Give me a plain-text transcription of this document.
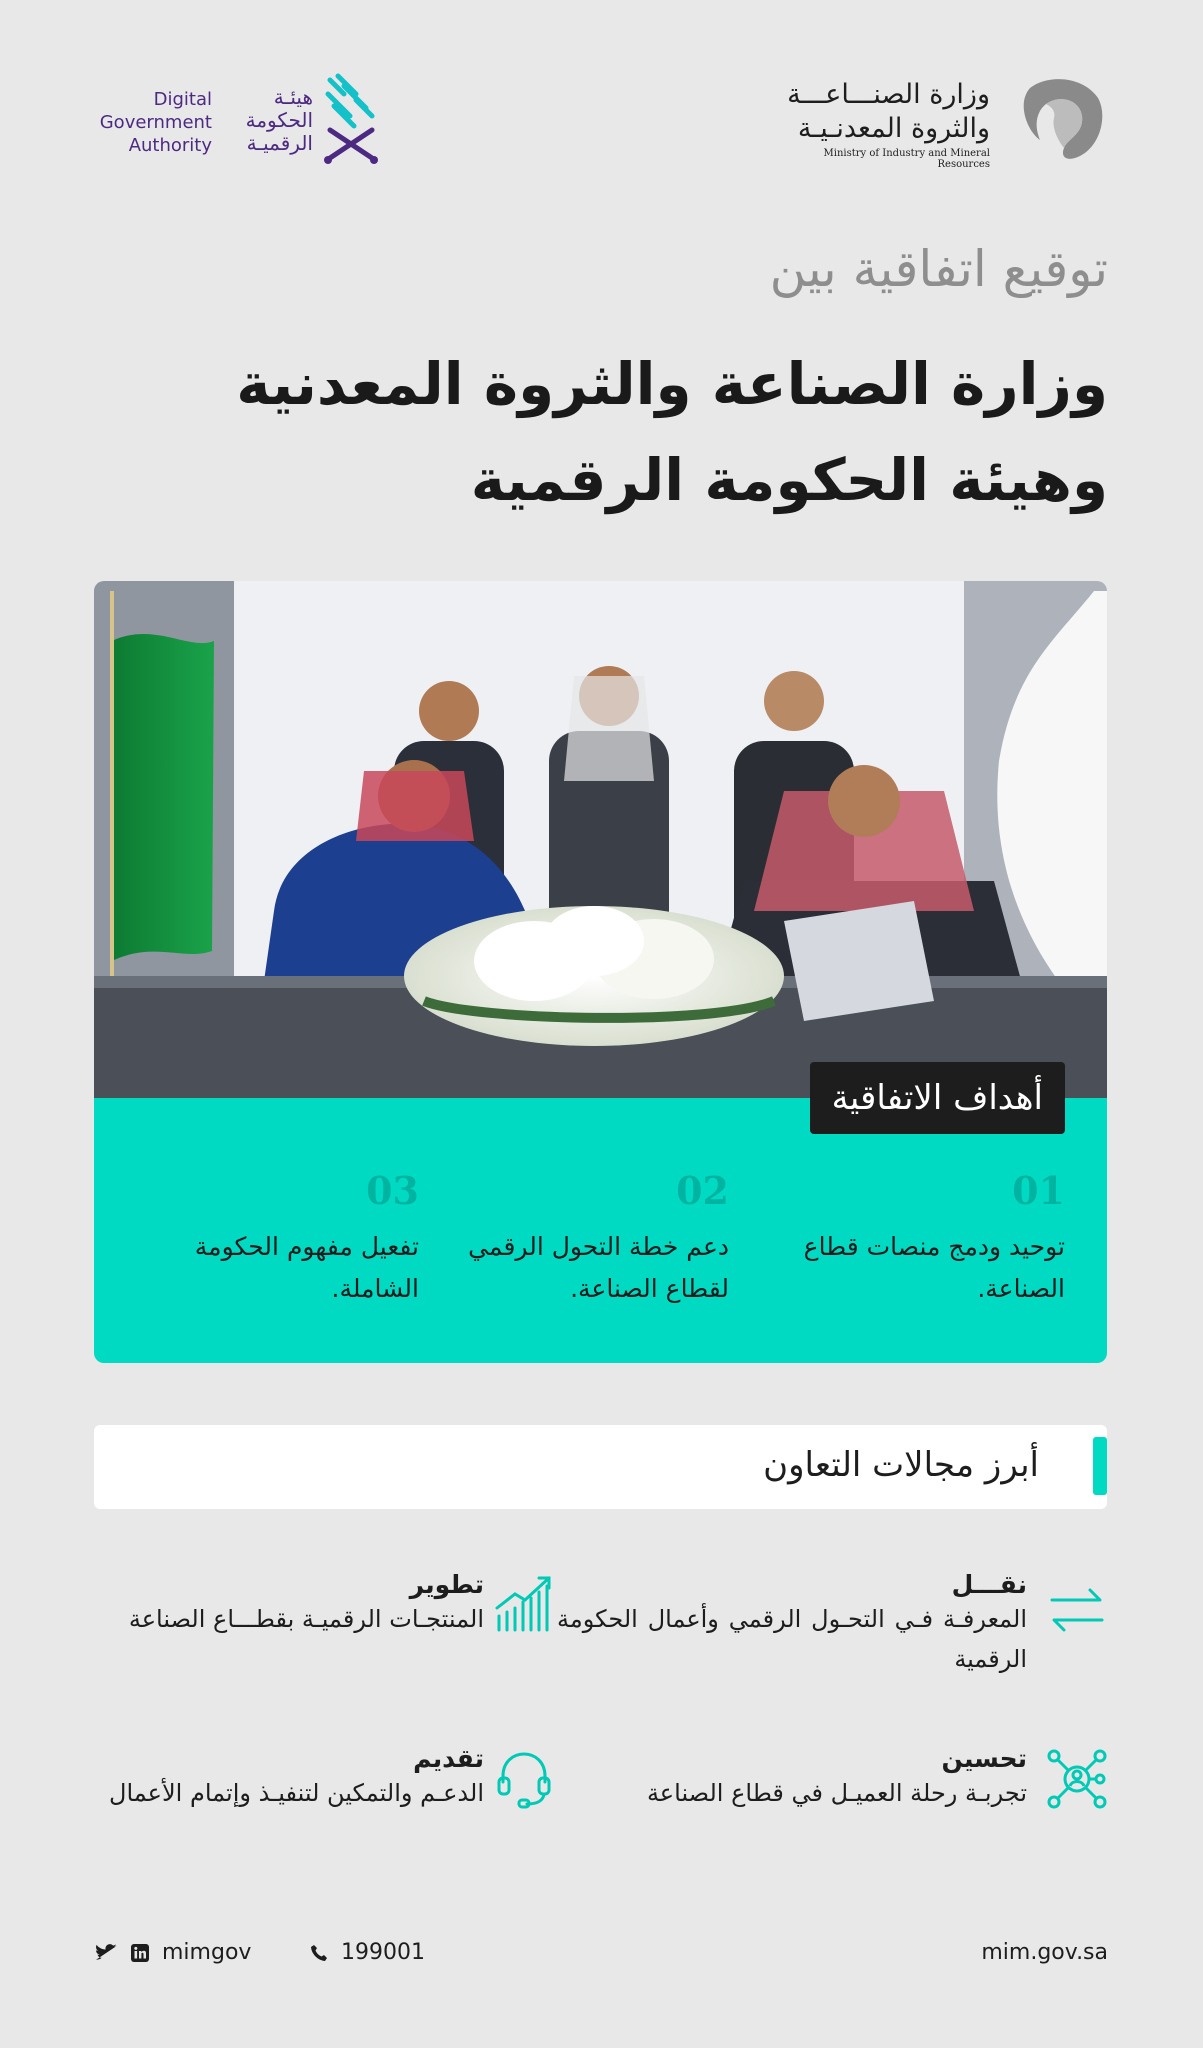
وزارة الصنـــاعـــة
والثروة المعدنـيـة
Ministry of Industry and Mineral Resources
هيئـة
الحكومة
الرقميـة
Digital
Government
Authority
توقيع اتفاقية بين
وزارة الصناعة والثروة المعدنية
وهيئة الحكومة الرقمية
أهداف الاتفاقية
01
توحيد ودمج منصات قطاع الصناعة.
02
دعم خطة التحول الرقمي لقطاع الصناعة.
03
تفعيل مفهوم الحكومة الشاملة.
أبرز مجالات التعاون
نقـــل
المعرفـة فـي التحـول الرقمي وأعمال الحكومة الرقمية
تطوير
المنتجـات الرقميـة بقطـــاع الصناعة
تحسين
تجربـة رحلة العميـل في قطاع الصناعة
تقديم
الدعـم والتمكين لتنفيـذ وإتمام الأعمال
mim.gov.sa
199001
mimgov
